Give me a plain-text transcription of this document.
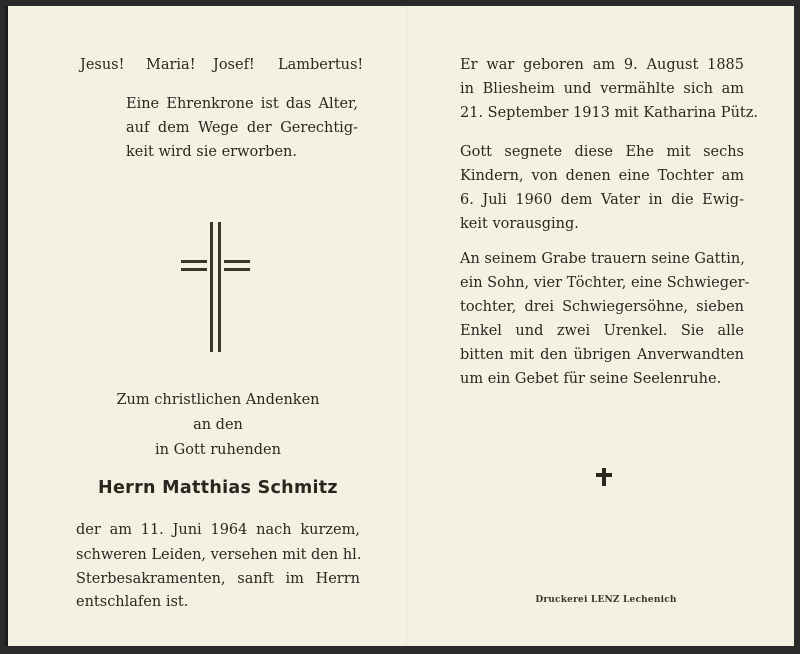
Jesus! Maria! Josef! Lambertus!
Eine Ehrenkrone ist das Alter,
auf dem Wege der Gerechtig-
keit wird sie erworben.
Zum christlichen Andenken
an den
in Gott ruhenden
Herrn Matthias Schmitz
der am 11. Juni 1964 nach kurzem,
schweren Leiden, versehen mit den hl.
Sterbesakramenten, sanft im Herrn
entschlafen ist.
Er war geboren am 9. August 1885
in Bliesheim und vermählte sich am
21. September 1913 mit Katharina Pütz.
Gott segnete diese Ehe mit sechs
Kindern, von denen eine Tochter am
6. Juli 1960 dem Vater in die Ewig-
keit vorausging.
An seinem Grabe trauern seine Gattin,
ein Sohn, vier Töchter, eine Schwieger-
tochter, drei Schwiegersöhne, sieben
Enkel und zwei Urenkel. Sie alle
bitten mit den übrigen Anverwandten
um ein Gebet für seine Seelenruhe.
Druckerei LENZ Lechenich
